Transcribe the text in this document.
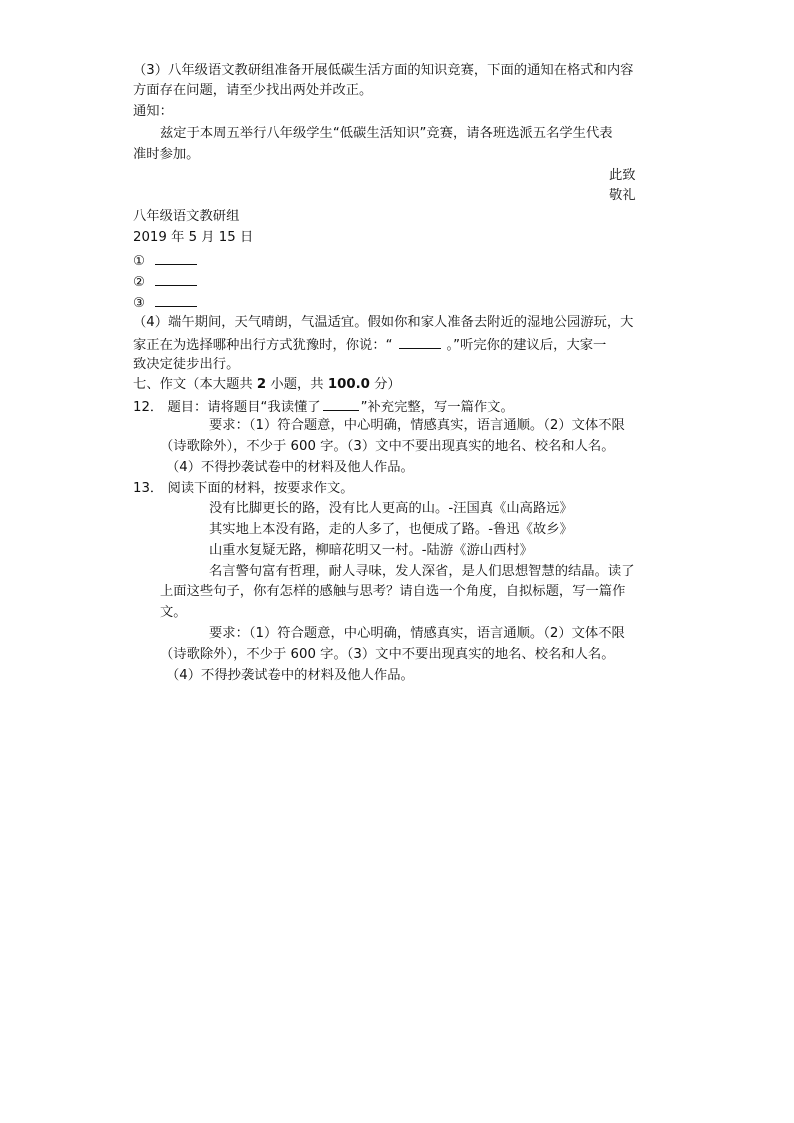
（3）八年级语文教研组准备开展低碳生活方面的知识竞赛，下面的通知在格式和内容
方面存在问题，请至少找出两处并改正。
通知：
兹定于本周五举行八年级学生“低碳生活知识”竞赛，请各班选派五名学生代表
准时参加。
此致
敬礼
八年级语文教研组
2019 年 5 月 15 日
①
②
③
（4）端午期间，天气晴朗，气温适宜。假如你和家人准备去附近的湿地公园游玩，大
家正在为选择哪种出行方式犹豫时，你说：“	。”听完你的建议后，大家一
致决定徒步出行。
七、作文（本大题共 2 小题，共 100.0 分）
12． 题目：请将题目“我读懂了	”补充完整，写一篇作文。
要求：（1）符合题意，中心明确，情感真实，语言通顺。（2）文体不限
（诗歌除外），不少于 600 字。（3）文中不要出现真实的地名、校名和人名。
（4）不得抄袭试卷中的材料及他人作品。
13． 阅读下面的材料，按要求作文。
没有比脚更长的路，没有比人更高的山。-汪国真《山高路远》
其实地上本没有路，走的人多了，也便成了路。-鲁迅《故乡》
山重水复疑无路，柳暗花明又一村。-陆游《游山西村》
名言警句富有哲理，耐人寻味，发人深省，是人们思想智慧的结晶。读了
上面这些句子，你有怎样的感触与思考？请自选一个角度，自拟标题，写一篇作
文。
要求：（1）符合题意，中心明确，情感真实，语言通顺。（2）文体不限
（诗歌除外），不少于 600 字。（3）文中不要出现真实的地名、校名和人名。
（4）不得抄袭试卷中的材料及他人作品。
